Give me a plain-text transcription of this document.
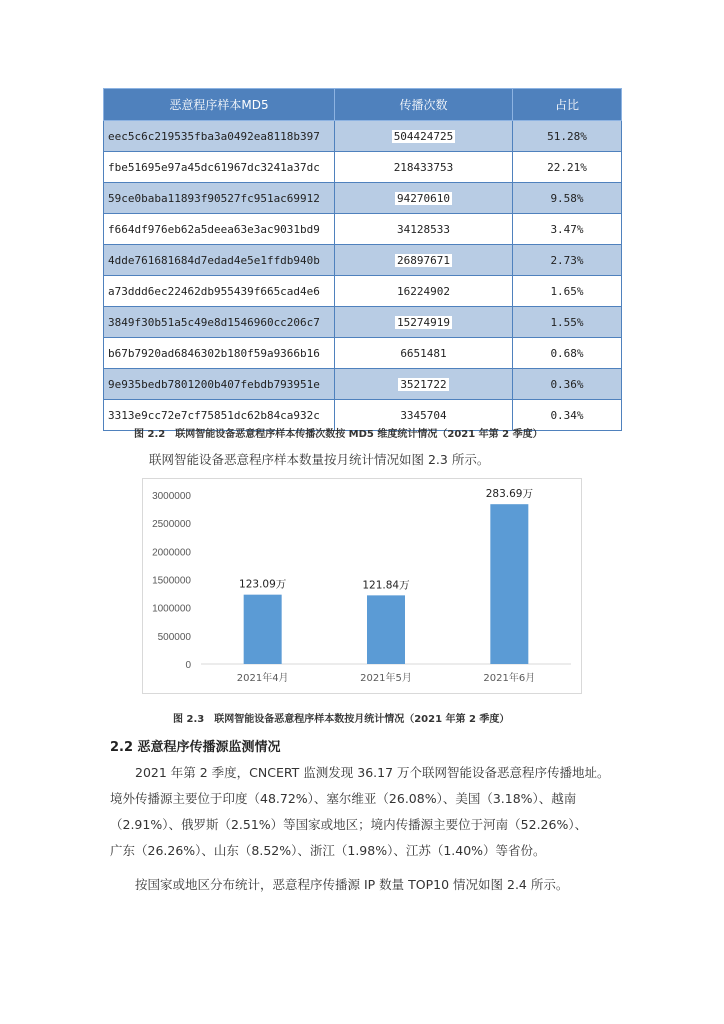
恶意程序样本MD5	传播次数	占比
eec5c6c219535fba3a0492ea8118b397	504424725	51.28%
fbe51695e97a45dc61967dc3241a37dc	218433753	22.21%
59ce0baba11893f90527fc951ac69912	94270610	9.58%
f664df976eb62a5deea63e3ac9031bd9	34128533	3.47%
4dde761681684d7edad4e5e1ffdb940b	26897671	2.73%
a73ddd6ec22462db955439f665cad4e6	16224902	1.65%
3849f30b51a5c49e8d1546960cc206c7	15274919	1.55%
b67b7920ad6846302b180f59a9366b16	6651481	0.68%
9e935bedb7801200b407febdb793951e	3521722	0.36%
3313e9cc72e7cf75851dc62b84ca932c	3345704	0.34%
图 2.2　联网智能设备恶意程序样本传播次数按 MD5 维度统计情况（2021 年第 2 季度）
联网智能设备恶意程序样本数量按月统计情况如图 2.3 所示。
0
500000
1000000
1500000
2000000
2500000
3000000
123.09万
2021年4月
121.84万
2021年5月
283.69万
2021年6月
图 2.3　联网智能设备恶意程序样本数按月统计情况（2021 年第 2 季度）
2.2 恶意程序传播源监测情况
　　2021 年第 2 季度，CNCERT 监测发现 36.17 万个联网智能设备恶意程序传播地址。
境外传播源主要位于印度（48.72%）、塞尔维亚（26.08%）、美国（3.18%）、越南
（2.91%）、俄罗斯（2.51%）等国家或地区；境内传播源主要位于河南（52.26%）、
广东（26.26%）、山东（8.52%）、浙江（1.98%）、江苏（1.40%）等省份。
　　按国家或地区分布统计，恶意程序传播源 IP 数量 TOP10 情况如图 2.4 所示。
